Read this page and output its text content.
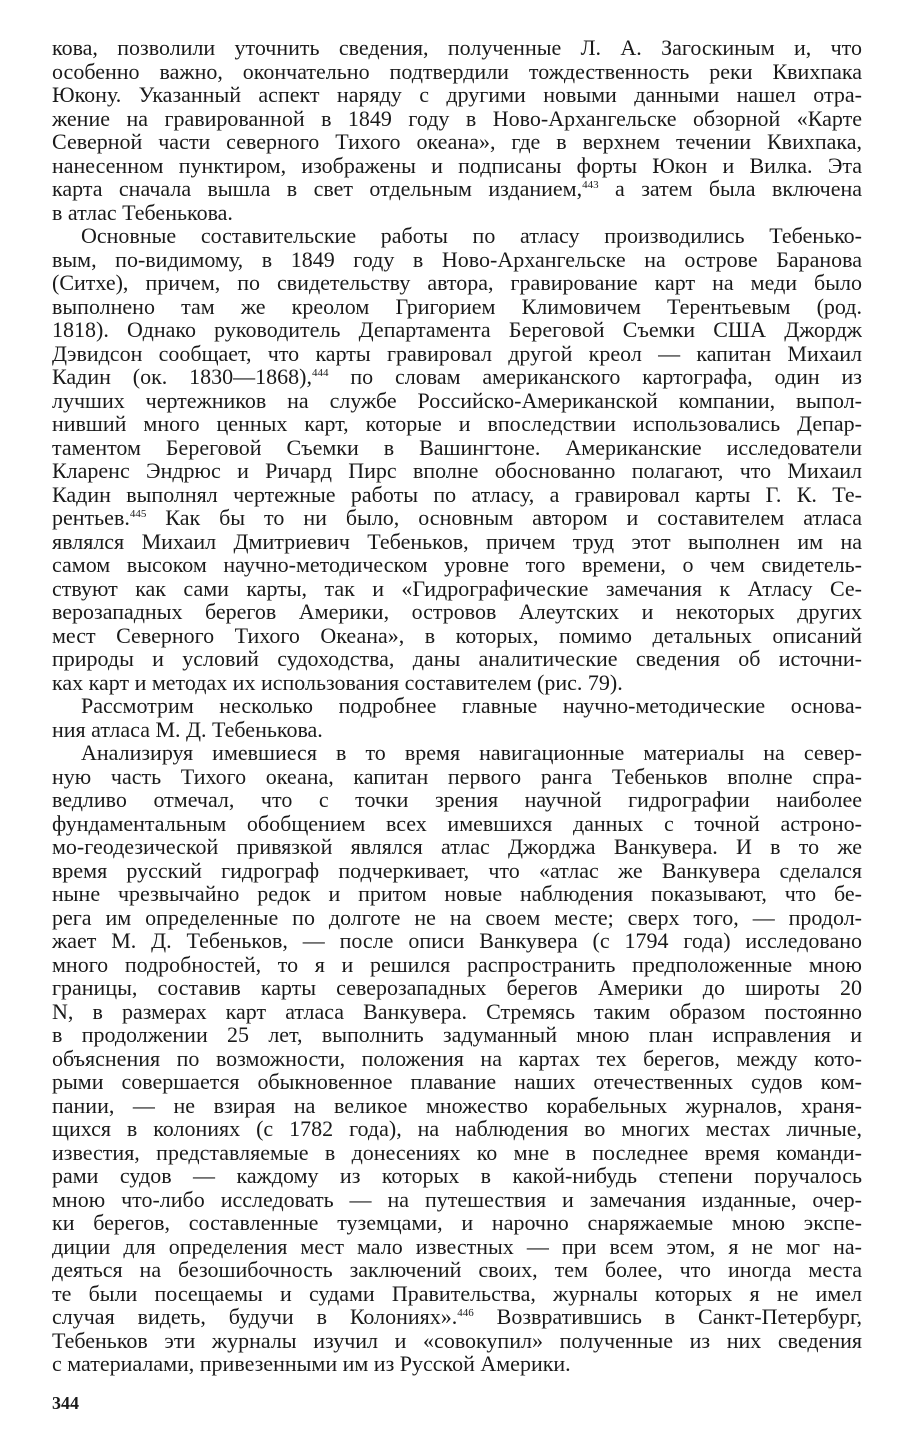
кова, позволили уточнить сведения, полученные Л. А. Загоскиным и, что
особенно важно, окончательно подтвердили тождественность реки Квихпака
Юкону. Указанный аспект наряду с другими новыми данными нашел отра-
жение на гравированной в 1849 году в Ново-Архангельске обзорной «Карте
Северной части северного Тихого океана», где в верхнем течении Квихпака,
нанесенном пунктиром, изображены и подписаны форты Юкон и Вилка. Эта
карта сначала вышла в свет отдельным изданием,$^{443}$ а затем была включена
в атлас Тебенькова.
Основные составительские работы по атласу производились Тебенько-
вым, по-видимому, в 1849 году в Ново-Архангельске на острове Баранова
(Ситхе), причем, по свидетельству автора, гравирование карт на меди было
выполнено там же креолом Григорием Климовичем Терентьевым (род.
1818). Однако руководитель Департамента Береговой Съемки США Джордж
Дэвидсон сообщает, что карты гравировал другой креол — капитан Михаил
Кадин (ок. 1830—1868),$^{444}$ по словам американского картографа, один из
лучших чертежников на службе Российско-Американской компании, выпол-
нивший много ценных карт, которые и впоследствии использовались Депар-
таментом Береговой Съемки в Вашингтоне. Американские исследователи
Кларенс Эндрюс и Ричард Пирс вполне обоснованно полагают, что Михаил
Кадин выполнял чертежные работы по атласу, а гравировал карты Г. К. Те-
рентьев.$^{445}$ Как бы то ни было, основным автором и составителем атласа
являлся Михаил Дмитриевич Тебеньков, причем труд этот выполнен им на
самом высоком научно-методическом уровне того времени, о чем свидетель-
ствуют как сами карты, так и «Гидрографические замечания к Атласу Се-
верозападных берегов Америки, островов Алеутских и некоторых других
мест Северного Тихого Океана», в которых, помимо детальных описаний
природы и условий судоходства, даны аналитические сведения об источни-
ках карт и методах их использования составителем (рис. 79).
Рассмотрим несколько подробнее главные научно-методические основа-
ния атласа М. Д. Тебенькова.
Анализируя имевшиеся в то время навигационные материалы на север-
ную часть Тихого океана, капитан первого ранга Тебеньков вполне спра-
ведливо отмечал, что с точки зрения научной гидрографии наиболее
фундаментальным обобщением всех имевшихся данных с точной астроно-
мо-геодезической привязкой являлся атлас Джорджа Ванкувера. И в то же
время русский гидрограф подчеркивает, что «атлас же Ванкувера сделался
ныне чрезвычайно редок и притом новые наблюдения показывают, что бе-
рега им определенные по долготе не на своем месте; сверх того, — продол-
жает М. Д. Тебеньков, — после описи Ванкувера (с 1794 года) исследовано
много подробностей, то я и решился распространить предположенные мною
границы, составив карты северозападных берегов Америки до широты 20
N, в размерах карт атласа Ванкувера. Стремясь таким образом постоянно
в продолжении 25 лет, выполнить задуманный мною план исправления и
объяснения по возможности, положения на картах тех берегов, между кото-
рыми совершается обыкновенное плавание наших отечественных судов ком-
пании, — не взирая на великое множество корабельных журналов, храня-
щихся в колониях (с 1782 года), на наблюдения во многих местах личные,
известия, представляемые в донесениях ко мне в последнее время команди-
рами судов — каждому из которых в какой-нибудь степени поручалось
мною что-либо исследовать — на путешествия и замечания изданные, очер-
ки берегов, составленные туземцами, и нарочно снаряжаемые мною экспе-
диции для определения мест мало известных — при всем этом, я не мог на-
деяться на безошибочность заключений своих, тем более, что иногда места
те были посещаемы и судами Правительства, журналы которых я не имел
случая видеть, будучи в Колониях».$^{446}$ Возвратившись в Санкт-Петербург,
Тебеньков эти журналы изучил и «совокупил» полученные из них сведения
с материалами, привезенными им из Русской Америки.
344
